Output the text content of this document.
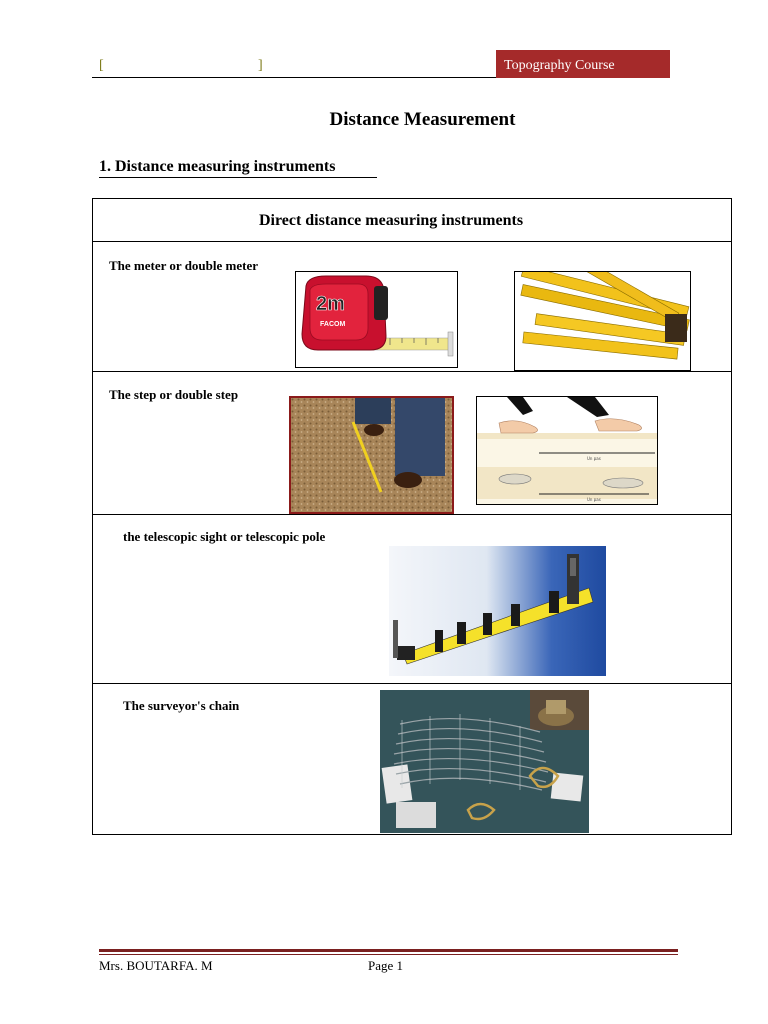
[	]	Topography Course
Distance Measurement
1. Distance measuring instruments
Direct distance measuring instruments
The meter or double meter
2m
FACOM
The step or double step
Un pas
Un pas
the telescopic sight or telescopic pole
The surveyor's chain
Mrs. BOUTARFA. M	Page 1
